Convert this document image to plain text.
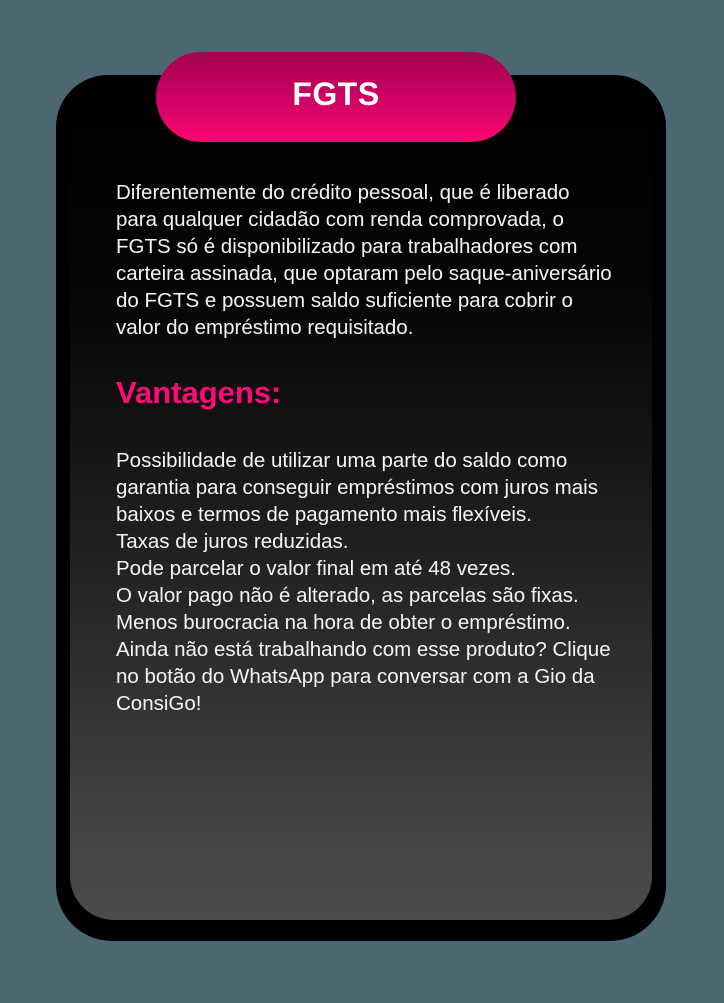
FGTS

Diferentemente do crédito pessoal, que é liberado para qualquer cidadão com renda comprovada, o FGTS só é disponibilizado para trabalhadores com carteira assinada, que optaram pelo saque-aniversário do FGTS e possuem saldo suficiente para cobrir o valor do empréstimo requisitado.

Vantagens:
Possibilidade de utilizar uma parte do saldo como garantia para conseguir empréstimos com juros mais baixos e termos de pagamento mais flexíveis.
Taxas de juros reduzidas.
Pode parcelar o valor final em até 48 vezes.
O valor pago não é alterado, as parcelas são fixas.
Menos burocracia na hora de obter o empréstimo.
Ainda não está trabalhando com esse produto? Clique no botão do WhatsApp para conversar com a Gio da ConsiGo!
